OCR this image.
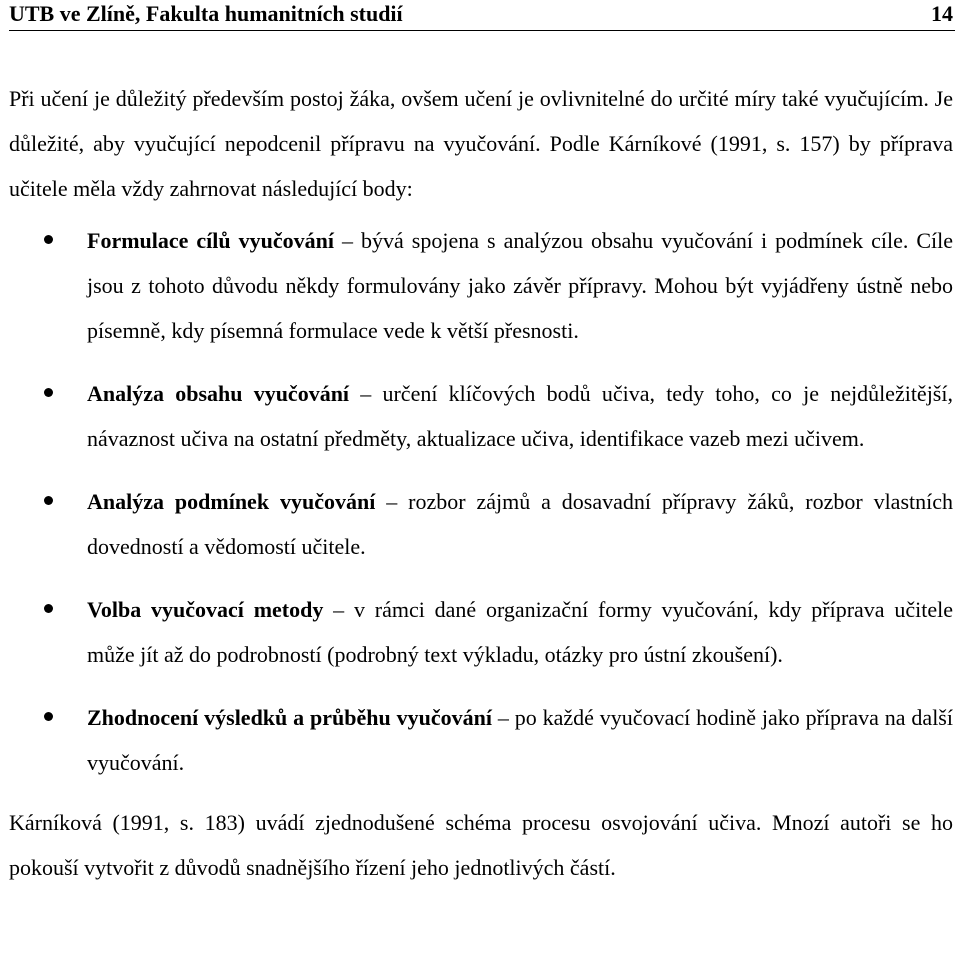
UTB ve Zlíně, Fakulta humanitních studií	14

Při učení je důležitý především postoj žáka, ovšem učení je ovlivnitelné do určité míry také vyučujícím. Je důležité, aby vyučující nepodcenil přípravu na vyučování. Podle Kárníkové (1991, s. 157) by příprava učitele měla vždy zahrnovat následující body:

Formulace cílů vyučování – bývá spojena s analýzou obsahu vyučování i podmínek cíle. Cíle jsou z tohoto důvodu někdy formulovány jako závěr přípravy. Mohou být vyjádřeny ústně nebo písemně, kdy písemná formulace vede k větší přesnosti.
Analýza obsahu vyučování – určení klíčových bodů učiva, tedy toho, co je nejdůležitější, návaznost učiva na ostatní předměty, aktualizace učiva, identifikace vazeb mezi učivem.
Analýza podmínek vyučování – rozbor zájmů a dosavadní přípravy žáků, rozbor vlastních dovedností a vědomostí učitele.
Volba vyučovací metody – v rámci dané organizační formy vyučování, kdy příprava učitele může jít až do podrobností (podrobný text výkladu, otázky pro ústní zkoušení).
Zhodnocení výsledků a průběhu vyučování – po každé vyučovací hodině jako příprava na další vyučování.

Kárníková (1991, s. 183) uvádí zjednodušené schéma procesu osvojování učiva. Mnozí autoři se ho pokouší vytvořit z důvodů snadnějšího řízení jeho jednotlivých částí.
